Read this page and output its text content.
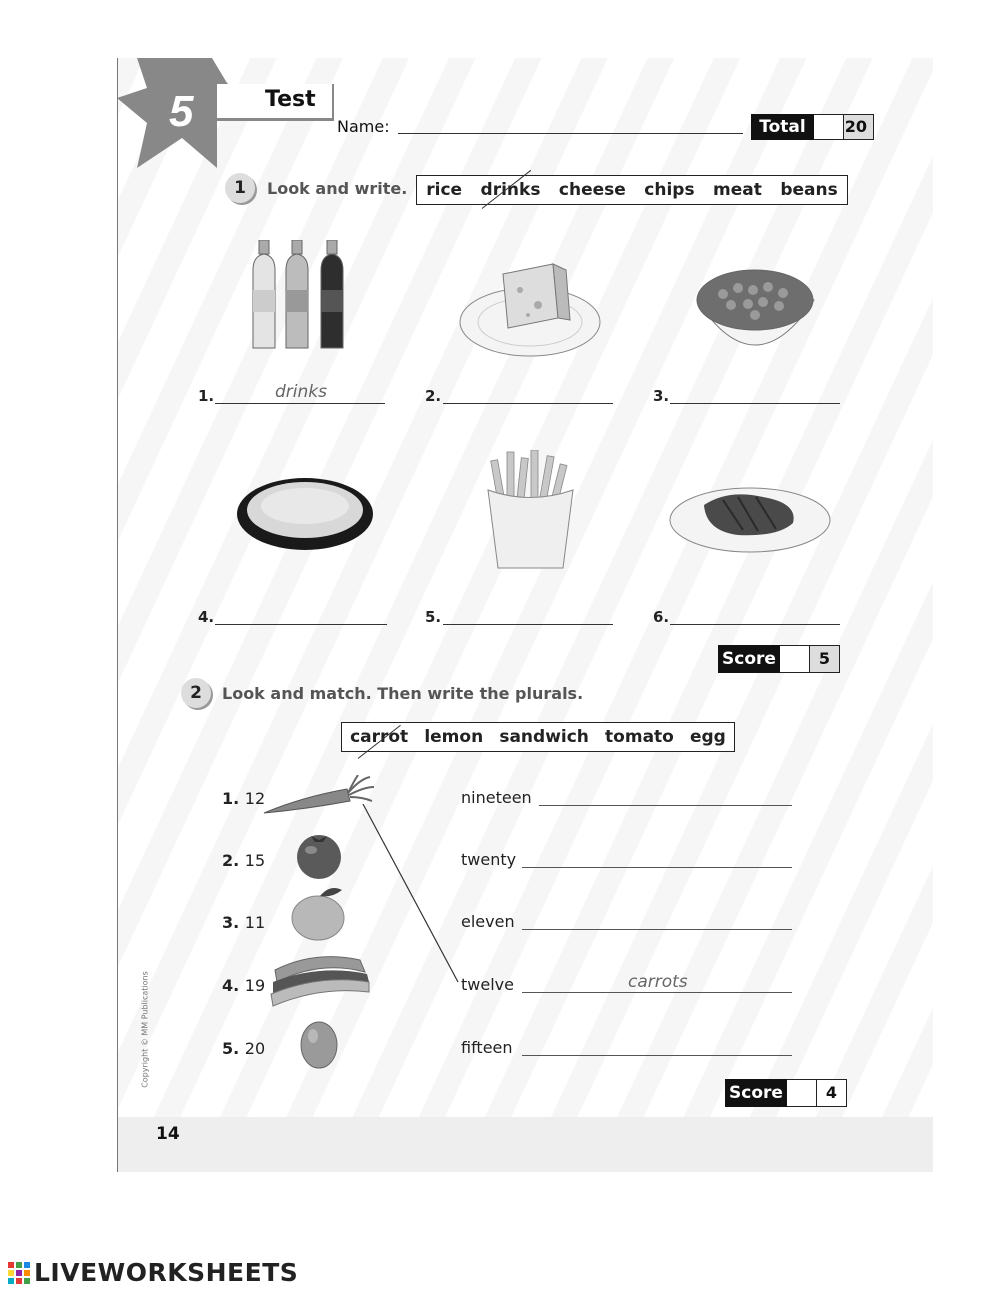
5	Test
Name:	Total	20
1	Look and write. rice drinks cheese chips meat beans
1.	drinks	2.	3.
4.	5.	6.
Score	5
2	Look and match. Then write the plurals.
carrot lemon sandwich tomato egg
1. 12
2. 15
3. 11
4. 19
5. 20
nineteen
twenty
eleven
twelve	carrots
fifteen
Score	4
Copyright © MM Publications
14
LIVEWORKSHEETS
